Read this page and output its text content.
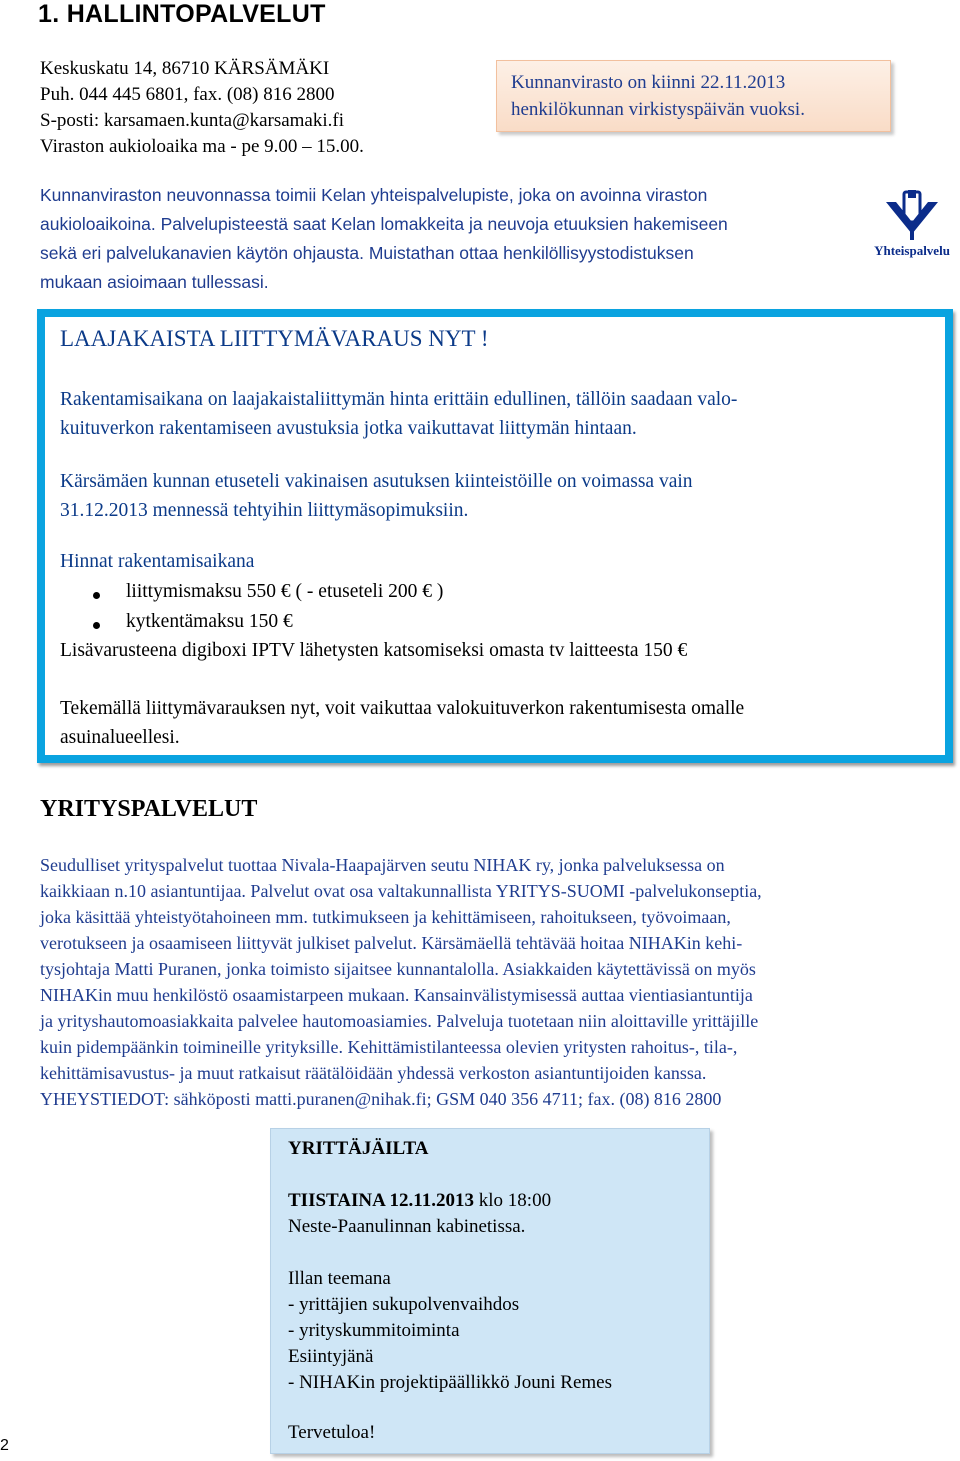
1. HALLINTOPALVELUT
Keskuskatu 14, 86710 KÄRSÄMÄKI
Puh. 044 445 6801, fax. (08) 816 2800
S-posti: karsamaen.kunta@karsamaki.fi
Viraston aukioloaika ma - pe 9.00 – 15.00.
Kunnanvirasto on kiinni 22.11.2013
henkilökunnan virkistyspäivän vuoksi.
Kunnanviraston neuvonnassa toimii Kelan yhteispalvelupiste, joka on avoinna viraston
aukioloaikoina. Palvelupisteestä saat Kelan lomakkeita ja neuvoja etuuksien hakemiseen
sekä eri palvelukanavien käytön ohjausta. Muistathan ottaa henkilöllisyystodistuksen
mukaan asioimaan tullessasi.
Yhteispalvelu
LAAJAKAISTA LIITTYMÄVARAUS NYT !
Rakentamisaikana on laajakaistaliittymän hinta erittäin edullinen, tällöin saadaan valo-
kuituverkon rakentamiseen avustuksia jotka vaikuttavat liittymän hintaan.
Kärsämäen kunnan etuseteli vakinaisen asutuksen kiinteistöille on voimassa vain
31.12.2013 mennessä tehtyihin liittymäsopimuksiin.
Hinnat rakentamisaikana
liittymismaksu 550 € ( - etuseteli 200 € )
kytkentämaksu 150 €
Lisävarusteena digiboxi IPTV lähetysten katsomiseksi omasta tv laitteesta 150 €
Tekemällä liittymävarauksen nyt, voit vaikuttaa valokuituverkon rakentumisesta omalle
asuinalueellesi.
YRITYSPALVELUT
Seudulliset yrityspalvelut tuottaa Nivala-Haapajärven seutu NIHAK ry, jonka palveluksessa on
kaikkiaan n.10 asiantuntijaa. Palvelut ovat osa valtakunnallista YRITYS-SUOMI -palvelukonseptia,
joka käsittää yhteistyötahoineen mm. tutkimukseen ja kehittämiseen, rahoitukseen, työvoimaan,
verotukseen ja osaamiseen liittyvät julkiset palvelut. Kärsämäellä tehtävää hoitaa NIHAKin kehi-
tysjohtaja Matti Puranen, jonka toimisto sijaitsee kunnantalolla. Asiakkaiden käytettävissä on myös
NIHAKin muu henkilöstö osaamistarpeen mukaan. Kansainvälistymisessä auttaa vientiasiantuntija
ja yrityshautomoasiakkaita palvelee hautomoasiamies. Palveluja tuotetaan niin aloittaville yrittäjille
kuin pidempäänkin toimineille yrityksille. Kehittämistilanteessa olevien yritysten rahoitus-, tila-,
kehittämisavustus- ja muut ratkaisut räätälöidään yhdessä verkoston asiantuntijoiden kanssa.
YHEYSTIEDOT: sähköposti matti.puranen@nihak.fi; GSM 040 356 4711; fax. (08) 816 2800
YRITTÄJÄILTA
TIISTAINA 12.11.2013 klo 18:00
Neste-Paanulinnan kabinetissa.
Illan teemana
- yrittäjien sukupolvenvaihdos
- yrityskummitoiminta
Esiintyjänä
- NIHAKin projektipäällikkö Jouni Remes
Tervetuloa!
2
